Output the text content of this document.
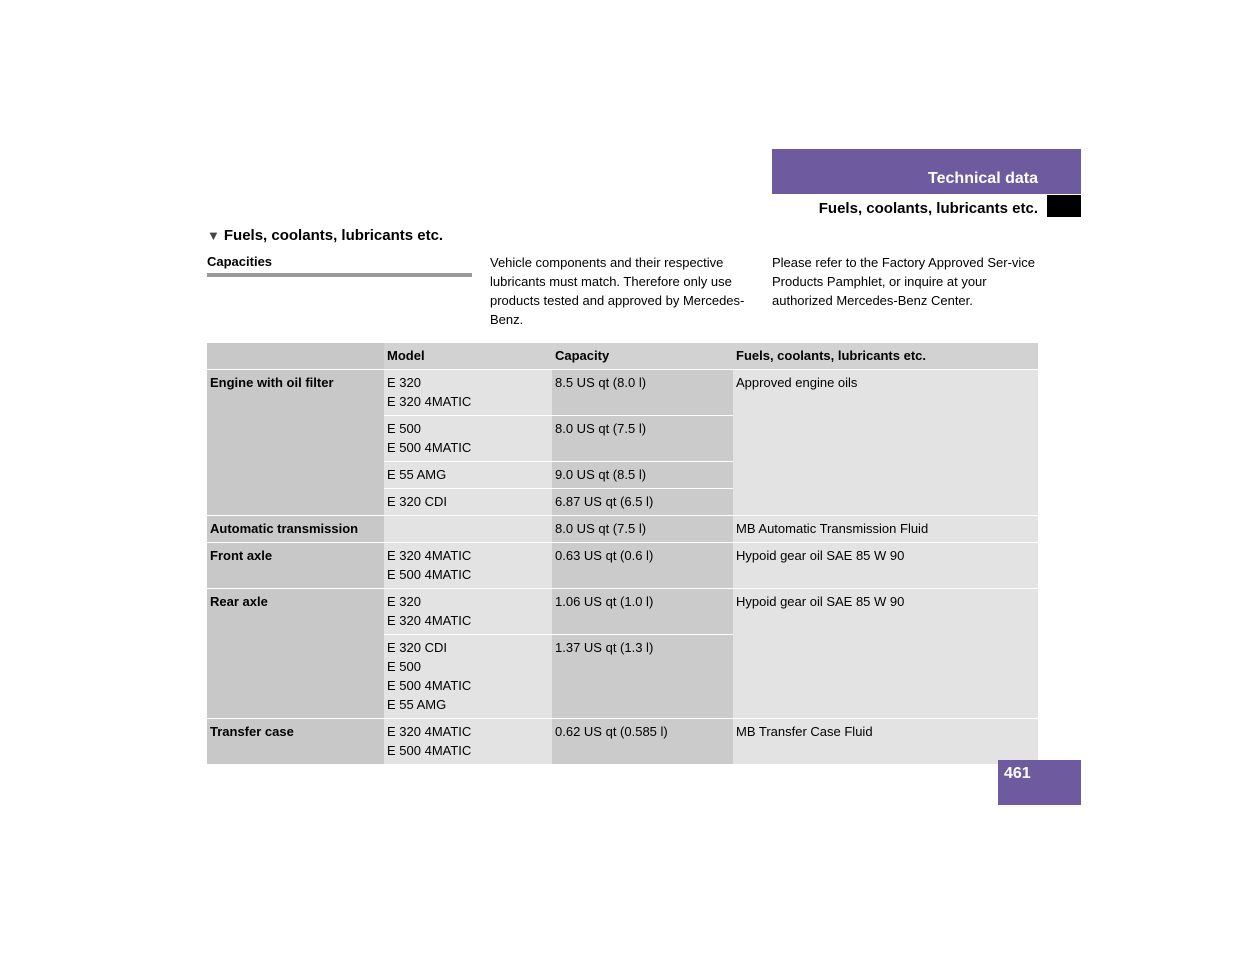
Technical data
Fuels, coolants, lubricants etc.
▼ Fuels, coolants, lubricants etc.
Capacities	Vehicle components and their respective lubricants must match. Therefore only use products tested and approved by Mercedes-Benz.
Please refer to the Factory Approved Ser-vice Products Pamphlet, or inquire at your authorized Mercedes-Benz Center.
	Model	Capacity	Fuels, coolants, lubricants etc.
Engine with oil filter	E 320
E 320 4MATIC	8.5 US qt (8.0 l)	Approved engine oils
	E 500
E 500 4MATIC	8.0 US qt (7.5 l)	
	E 55 AMG	9.0 US qt (8.5 l)	
	E 320 CDI	6.87 US qt (6.5 l)	
Automatic transmission		8.0 US qt (7.5 l)	MB Automatic Transmission Fluid
Front axle	E 320 4MATIC
E 500 4MATIC	0.63 US qt (0.6 l)	Hypoid gear oil SAE 85 W 90
Rear axle	E 320
E 320 4MATIC	1.06 US qt (1.0 l)	Hypoid gear oil SAE 85 W 90
	E 320 CDI
E 500
E 500 4MATIC
E 55 AMG	1.37 US qt (1.3 l)	
Transfer case	E 320 4MATIC
E 500 4MATIC	0.62 US qt (0.585 l)	MB Transfer Case Fluid
461
